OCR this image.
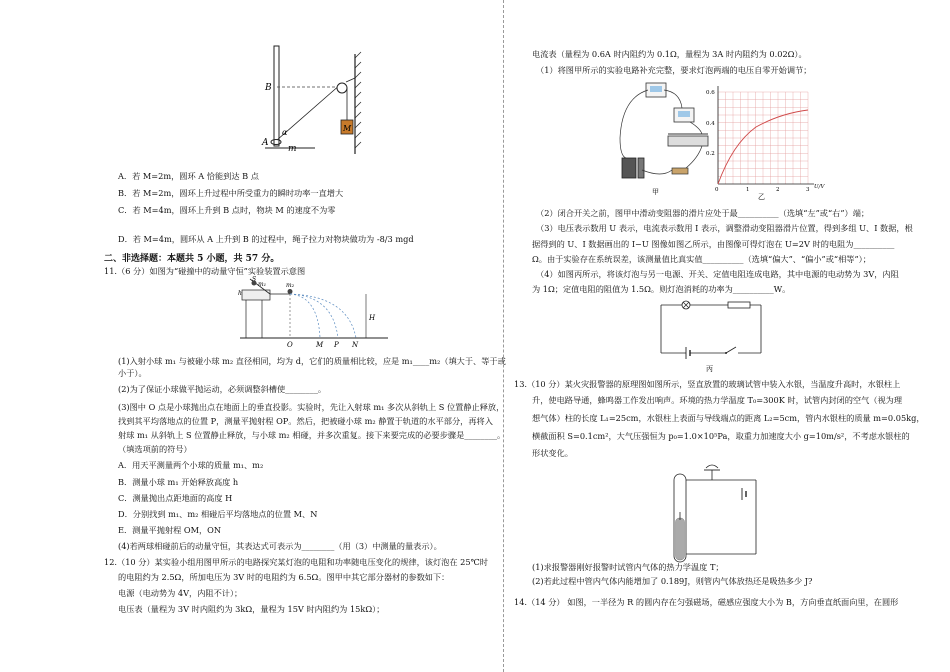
B
α
A
m
M
A．若 M=2m，圆环 A 恰能到达 B 点
B．若 M=2m，圆环上升过程中所受重力的瞬时功率一直增大
C．若 M=4m，圆环上升到 B 点时，物块 M 的速度不为零
D．若 M=4m，圆环从 A 上升到 B 的过程中，绳子拉力对物块做功为 -8/3 mgd
二、非选择题：本题共 5 小题，共 57 分。
11.（6 分）如图为“碰撞中的动量守恒”实验装置示意图
S
m₁	m₂
h
H
O	M P N
(1)入射小球 m₁ 与被碰小球 m₂ 直径相同，均为 d，它们的质量相比较，应是 m₁____m₂（填大于、等于或
小于）。
(2)为了保证小球做平抛运动，必须调整斜槽使________。
(3)图中 O 点是小球抛出点在地面上的垂直投影。实验时，先让入射球 m₁ 多次从斜轨上 S 位置静止释放，
找到其平均落地点的位置 P，测量平抛射程 OP。然后，把被碰小球 m₂ 静置于轨道的水平部分，再将入
射球 m₁ 从斜轨上 S 位置静止释放，与小球 m₂ 相碰，并多次重复。接下来要完成的必要步骤是________。
（填选项前的符号）
A．用天平测量两个小球的质量 m₁、m₂
B．测量小球 m₁ 开始释放高度 h
C．测量抛出点距地面的高度 H
D．分别找到 m₁、m₂ 相碰后平均落地点的位置 M、N
E．测量平抛射程 OM，ON
(4)若两球相碰前后的动量守恒，其表达式可表示为________（用（3）中测量的量表示）。
12.（10 分）某实验小组用图甲所示的电路探究某灯泡的电阻和功率随电压变化的规律，该灯泡在 25℃时
的电阻约为 2.5Ω，所加电压为 3V 时的电阻约为 6.5Ω。图甲中其它部分器材的参数如下：
电源（电动势为 4V，内阻不计）；
电压表（量程为 3V 时内阻约为 3kΩ，量程为 15V 时内阻约为 15kΩ）；
电流表（量程为 0.6A 时内阻约为 0.1Ω，量程为 3A 时内阻约为 0.02Ω）。
（1）将图甲所示的实验电路补充完整，要求灯泡两端的电压自零开始调节；
甲
0.6
0.4
0.2
0	1	2	3 U/V
乙
（2）闭合开关之前，图甲中滑动变阻器的滑片应处于最__________（选填“左”或“右”）端；
（3）电压表示数用 U 表示，电流表示数用 I 表示，调整滑动变阻器滑片位置，得到多组 U、I 数据，根
据得到的 U、I 数据画出的 I−U 图像如图乙所示，由图像可得灯泡在 U=2V 时的电阻为__________
Ω。由于实验存在系统误差，该测量值比真实值__________（选填“偏大”、“偏小”或“相等”）；
（4）如图丙所示，将该灯泡与另一电源、开关、定值电阻连成电路，其中电源的电动势为 3V，内阻
为 1Ω；定值电阻的阻值为 1.5Ω。则灯泡消耗的功率为__________W。
丙
13.（10 分）某火灾报警器的原理图如图所示，竖直放置的玻璃试管中装入水银，当温度升高时，水银柱上
升，使电路导通，蜂鸣器工作发出响声。环境的热力学温度 T₀=300K 时，试管内封闭的空气（视为理
想气体）柱的长度 L₁=25cm，水银柱上表面与导线端点的距离 L₂=5cm，管内水银柱的质量 m=0.05kg，
横截面积 S=0.1cm²，大气压强恒为 p₀=1.0×10⁵Pa，取重力加速度大小 g=10m/s²，不考虑水银柱的
形状变化。
(1)求报警器刚好报警时试管内气体的热力学温度 T；
(2)若此过程中管内气体内能增加了 0.189J，则管内气体放热还是吸热多少 J?
14.（14 分） 如图，一半径为 R 的圆内存在匀强磁场，磁感应强度大小为 B，方向垂直纸面向里，在圆形
